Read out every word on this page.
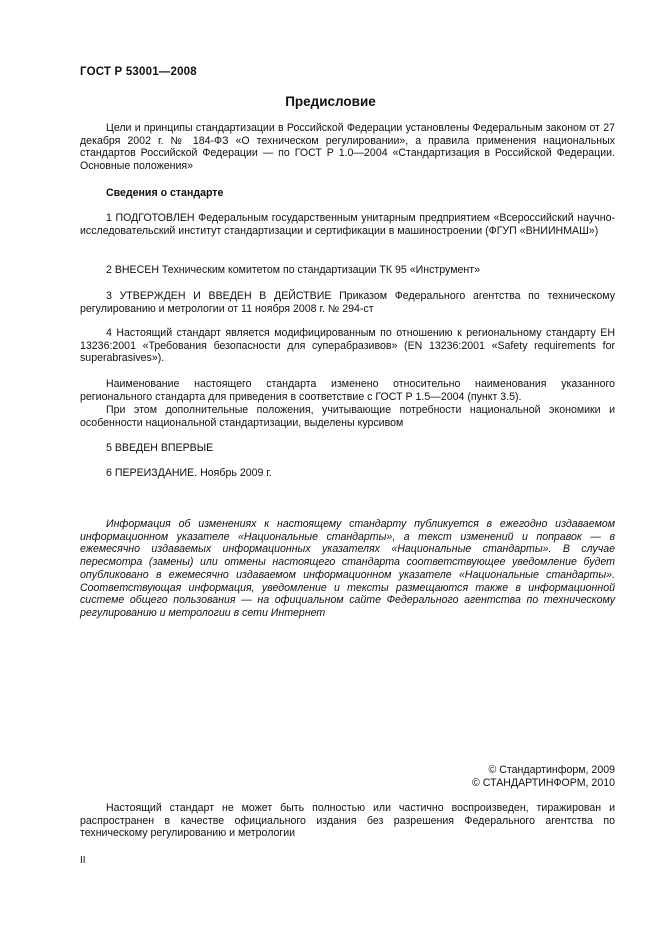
ГОСТ Р 53001—2008
Предисловие
Цели и принципы стандартизации в Российской Федерации установлены Федеральным законом от 27 декабря 2002 г. № 184-ФЗ «О техническом регулировании», а правила применения национальных стандартов Российской Федерации — по ГОСТ Р 1.0—2004 «Стандартизация в Российской Федерации. Основные положения»
Сведения о стандарте
1 ПОДГОТОВЛЕН Федеральным государственным унитарным предприятием «Всероссийский научно-исследовательский институт стандартизации и сертификации в машиностроении (ФГУП «ВНИИНМАШ»)
2 ВНЕСЕН Техническим комитетом по стандартизации ТК 95 «Инструмент»
3 УТВЕРЖДЕН И ВВЕДЕН В ДЕЙСТВИЕ Приказом Федерального агентства по техническому регулированию и метрологии от 11 ноября 2008 г. № 294-ст
4 Настоящий стандарт является модифицированным по отношению к региональному стандарту ЕН 13236:2001 «Требования безопасности для суперабразивов» (EN 13236:2001 «Safety requirements for superabrasives»).
Наименование настоящего стандарта изменено относительно наименования указанного регионального стандарта для приведения в соответствие с ГОСТ Р 1.5—2004 (пункт 3.5).
При этом дополнительные положения, учитывающие потребности национальной экономики и особенности национальной стандартизации, выделены курсивом
5 ВВЕДЕН ВПЕРВЫЕ
6 ПЕРЕИЗДАНИЕ. Ноябрь 2009 г.
Информация об изменениях к настоящему стандарту публикуется в ежегодно издаваемом информационном указателе «Национальные стандарты», а текст изменений и поправок — в ежемесячно издаваемых информационных указателях «Национальные стандарты». В случае пересмотра (замены) или отмены настоящего стандарта соответствующее уведомление будет опубликовано в ежемесячно издаваемом информационном указателе «Национальные стандарты». Соответствующая информация, уведомление и тексты размещаются также в информационной системе общего пользования — на официальном сайте Федерального агентства по техническому регулированию и метрологии в сети Интернет
© Стандартинформ, 2009
© СТАНДАРТИНФОРМ, 2010
Настоящий стандарт не может быть полностью или частично воспроизведен, тиражирован и распространен в качестве официального издания без разрешения Федерального агентства по техническому регулированию и метрологии
II
